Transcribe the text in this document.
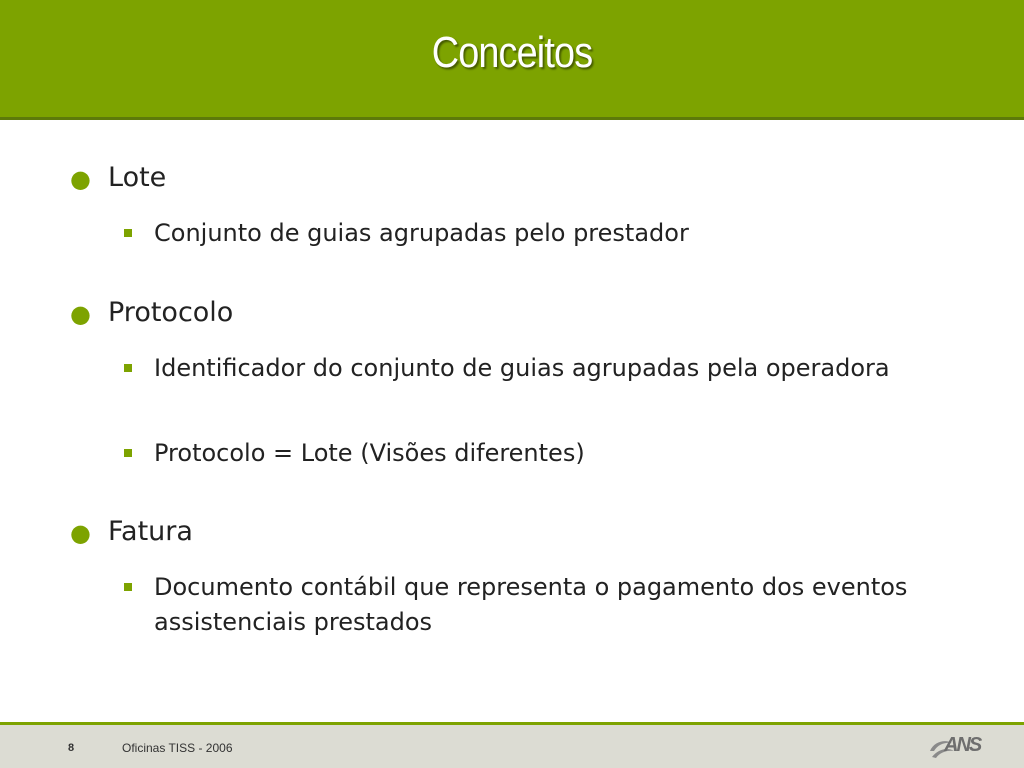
Conceitos
● Lote
Conjunto de guias agrupadas pelo prestador
● Protocolo
Identificador do conjunto de guias agrupadas pela operadora
Protocolo = Lote (Visões diferentes)
● Fatura
Documento contábil que representa o pagamento dos eventos assistenciais prestados
8	Oficinas TISS - 2006	ANS
